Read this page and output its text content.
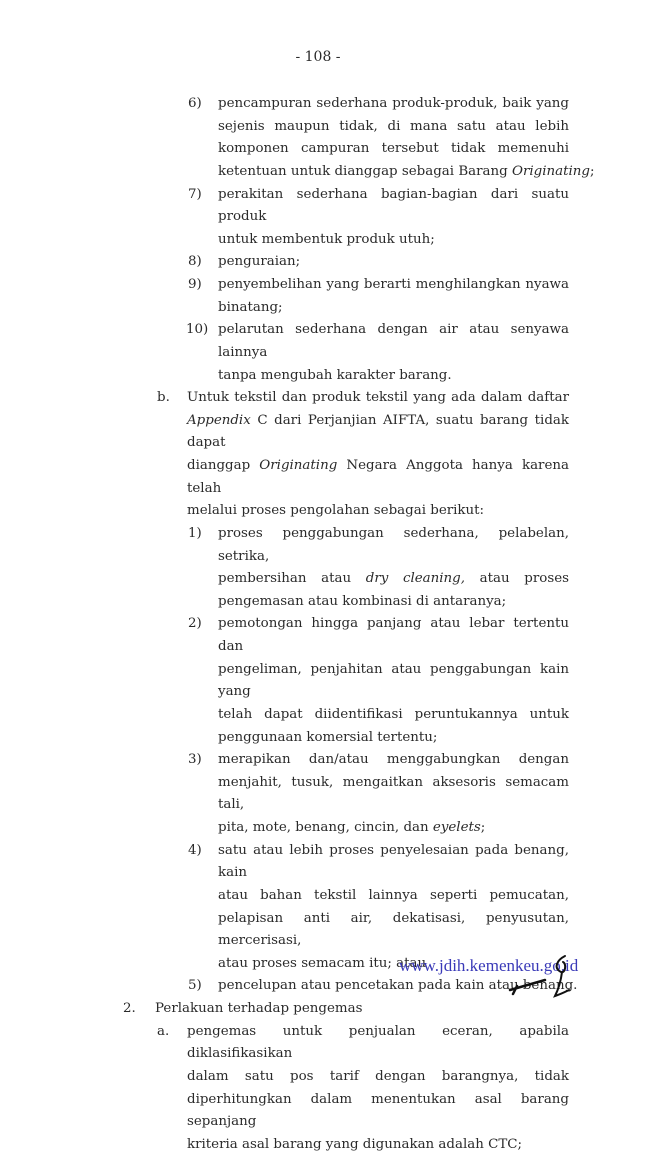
- 108 -
6) pencampuran sederhana produk-produk, baik yang
sejenis maupun tidak, di mana satu atau lebih
komponen campuran tersebut tidak memenuhi
ketentuan untuk dianggap sebagai Barang Originating;
7) perakitan sederhana bagian-bagian dari suatu produk
untuk membentuk produk utuh;
8) penguraian;
9) penyembelihan yang berarti menghilangkan nyawa
binatang;
10) pelarutan sederhana dengan air atau senyawa lainnya
tanpa mengubah karakter barang.
b. Untuk tekstil dan produk tekstil yang ada dalam daftar
Appendix C dari Perjanjian AIFTA, suatu barang tidak dapat
dianggap Originating Negara Anggota hanya karena telah
melalui proses pengolahan sebagai berikut:
1) proses penggabungan sederhana, pelabelan, setrika,
pembersihan atau dry cleaning, atau proses
pengemasan atau kombinasi di antaranya;
2) pemotongan hingga panjang atau lebar tertentu dan
pengeliman, penjahitan atau penggabungan kain yang
telah dapat diidentifikasi peruntukannya untuk
penggunaan komersial tertentu;
3) merapikan dan/atau menggabungkan dengan
menjahit, tusuk, mengaitkan aksesoris semacam tali,
pita, mote, benang, cincin, dan eyelets;
4) satu atau lebih proses penyelesaian pada benang, kain
atau bahan tekstil lainnya seperti pemucatan,
pelapisan anti air, dekatisasi, penyusutan, mercerisasi,
atau proses semacam itu; atau
5) pencelupan atau pencetakan pada kain atau benang.
2. Perlakuan terhadap pengemas
a. pengemas untuk penjualan eceran, apabila diklasifikasikan
dalam satu pos tarif dengan barangnya, tidak
diperhitungkan dalam menentukan asal barang sepanjang
kriteria asal barang yang digunakan adalah CTC;
www.jdih.kemenkeu.go.id
